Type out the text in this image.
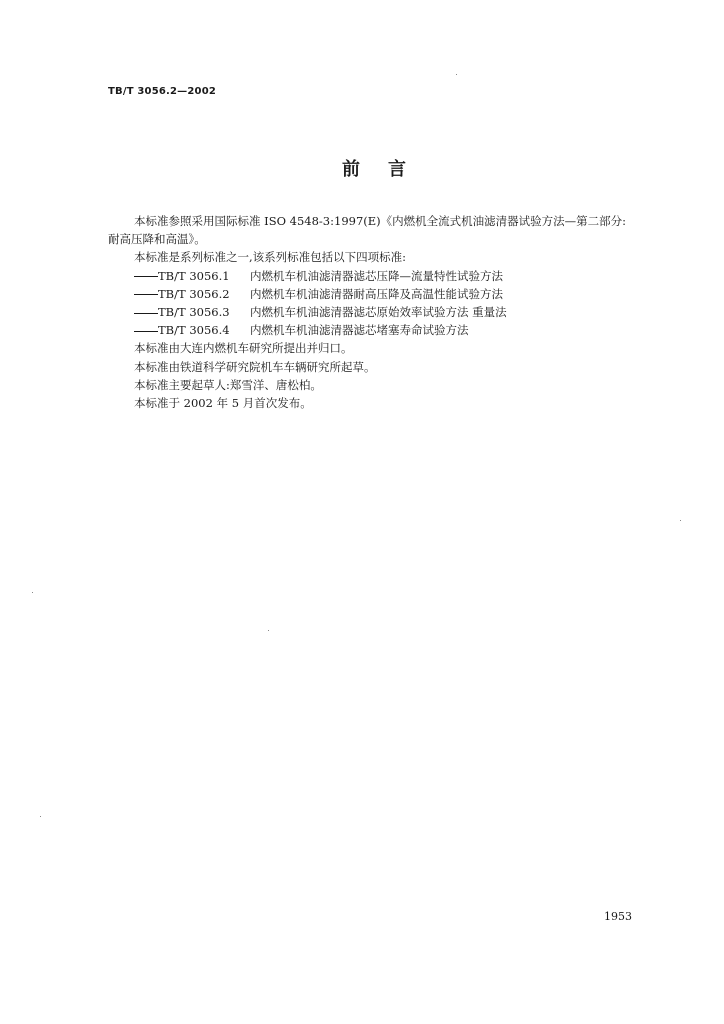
TB/T 3056.2—2002
前言

本标准参照采用国际标准 ISO 4548-3:1997(E)《内燃机全流式机油滤清器试验方法—第二部分:

耐高压降和高温》。

本标准是系列标准之一,该系列标准包括以下四项标准:

TB/T 3056.1 内燃机车机油滤清器滤芯压降—流量特性试验方法
TB/T 3056.2 内燃机车机油滤清器耐高压降及高温性能试验方法
TB/T 3056.3 内燃机车机油滤清器滤芯原始效率试验方法 重量法
TB/T 3056.4 内燃机车机油滤清器滤芯堵塞寿命试验方法

本标准由大连内燃机车研究所提出并归口。

本标准由铁道科学研究院机车车辆研究所起草。

本标准主要起草人:郑雪洋、唐松柏。

本标准于 2002 年 5 月首次发布。

1953
